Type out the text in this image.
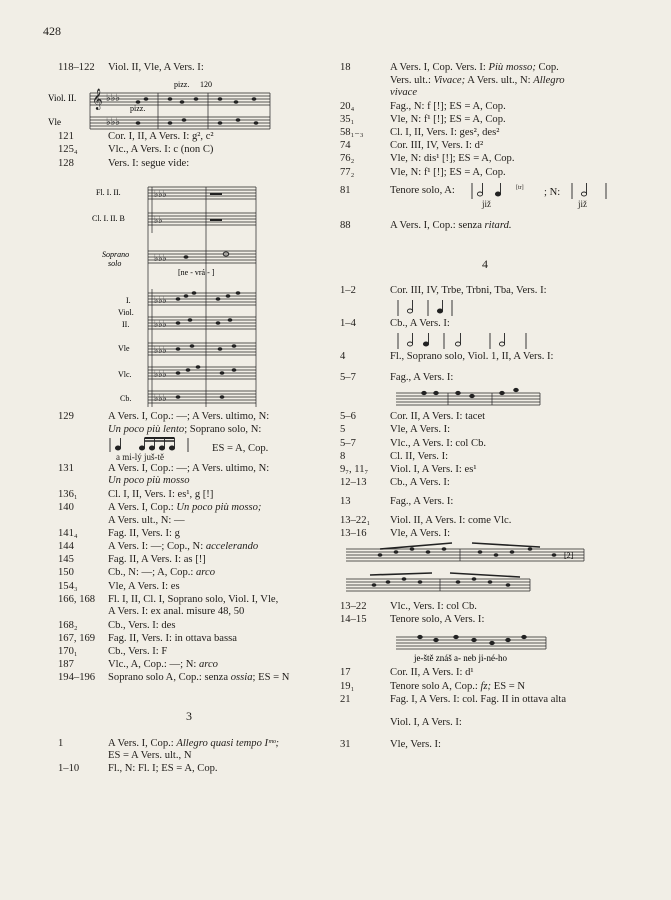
428
118–122	Viol. II, Vle, A Vers. I:
Viol. II.
Vle
pizz. 120
pizz.
𝄞 ♭♭♭
♭♭♭
121	Cor. I, II, A Vers. I: g², c²
125₄	Vlc., A Vers. I: c (non C)
128	Vers. I: segue vide:
Fl. I. II.
Cl. I. II. B
Soprano
solo
[ne - vrá - ]
I.
Viol.
II.
Vle
Vlc.
Cb.
♭♭♭
♭♭
♭♭♭
♭♭♭
♭♭♭
♭♭♭
♭♭♭
♭♭♭
129	A Vers. I, Cop.: —; A Vers. ultimo, N:
Un poco più lento; Soprano solo, N:

a mi-lý juš-tě
ES = A, Cop.
131	A Vers. I, Cop.: —; A Vers. ultimo, N:
Un poco più mosso
136₁	Cl. I, II, Vers. I: es¹, g [!]
140	A Vers. I, Cop.: Un poco più mosso;
A Vers. ult., N: —
141₄	Fag. II, Vers. I: g
144	A Vers. I: —; Cop., N: accelerando
145	Fag. II, A Vers. I: as [!]
150	Cb., N: —; A, Cop.: arco
154₃	Vle, A Vers. I: es
166, 168	Fl. I, II, Cl. I, Soprano solo, Viol. I, Vle,
A Vers. I: ex anal. misure 48, 50
168₂	Cb., Vers. I: des
167, 169	Fag. II, Vers. I: in ottava bassa
170₁	Cb., Vers. I: F
187	Vlc., A, Cop.: —; N: arco
194–196	Soprano solo A, Cop.: senza ossia; ES = N
3
1	A Vers. I, Cop.: Allegro quasi tempo Iᵐᵒ;
ES = A Vers. ult., N
1–10	Fl., N: Fl. I; ES = A, Cop.
18	A Vers. I, Cop. Vers. I: Più mosso; Cop.
Vers. ult.: Vivace; A Vers. ult., N: Allegro
vivace
20₄	Fag., N: f [!]; ES = A, Cop.
35₁	Vle, N: f¹ [!]; ES = A, Cop.
58₁₋₃	Cl. I, II, Vers. I: ges², des²
74	Cor. III, IV, Vers. I: d²
76₂	Vle, N: dis¹ [!]; ES = A, Cop.
77₂	Vle, N: f¹ [!]; ES = A, Cop.
81	Tenore solo, A:
již
[tr] ; N:
již
88	A Vers. I, Cop.: senza ritard.
4
1–2	Cor. III, IV, Trbe, Trbni, Tba, Vers. I:
1–4	Cb., A Vers. I:
4	Fl., Soprano solo, Viol. 1, II, A Vers. I:
5–7	Fag., A Vers. I:
5–6	Cor. II, A Vers. I: tacet
5	Vle, A Vers. I:
5–7	Vlc., A Vers. I: col Cb.
8	Cl. II, Vers. I:
9₇, 11₇	Viol. I, A Vers. I: es¹
12–13	Cb., A Vers. I:
13	Fag., A Vers. I:
13–22₁	Viol. II, A Vers. I: come Vlc.
13–16	Vle, A Vers. I:
[2]
13–22	Vlc., Vers. I: col Cb.
14–15	Tenore solo, A Vers. I:
je-ště znáš a- neb ji-né-ho
17	Cor. II, A Vers. I: d¹
19₁	Tenore solo A, Cop.: fz; ES = N
21	Fag. I, A Vers. I: col. Fag. II in ottava alta
Viol. I, A Vers. I:
31	Vle, Vers. I:
